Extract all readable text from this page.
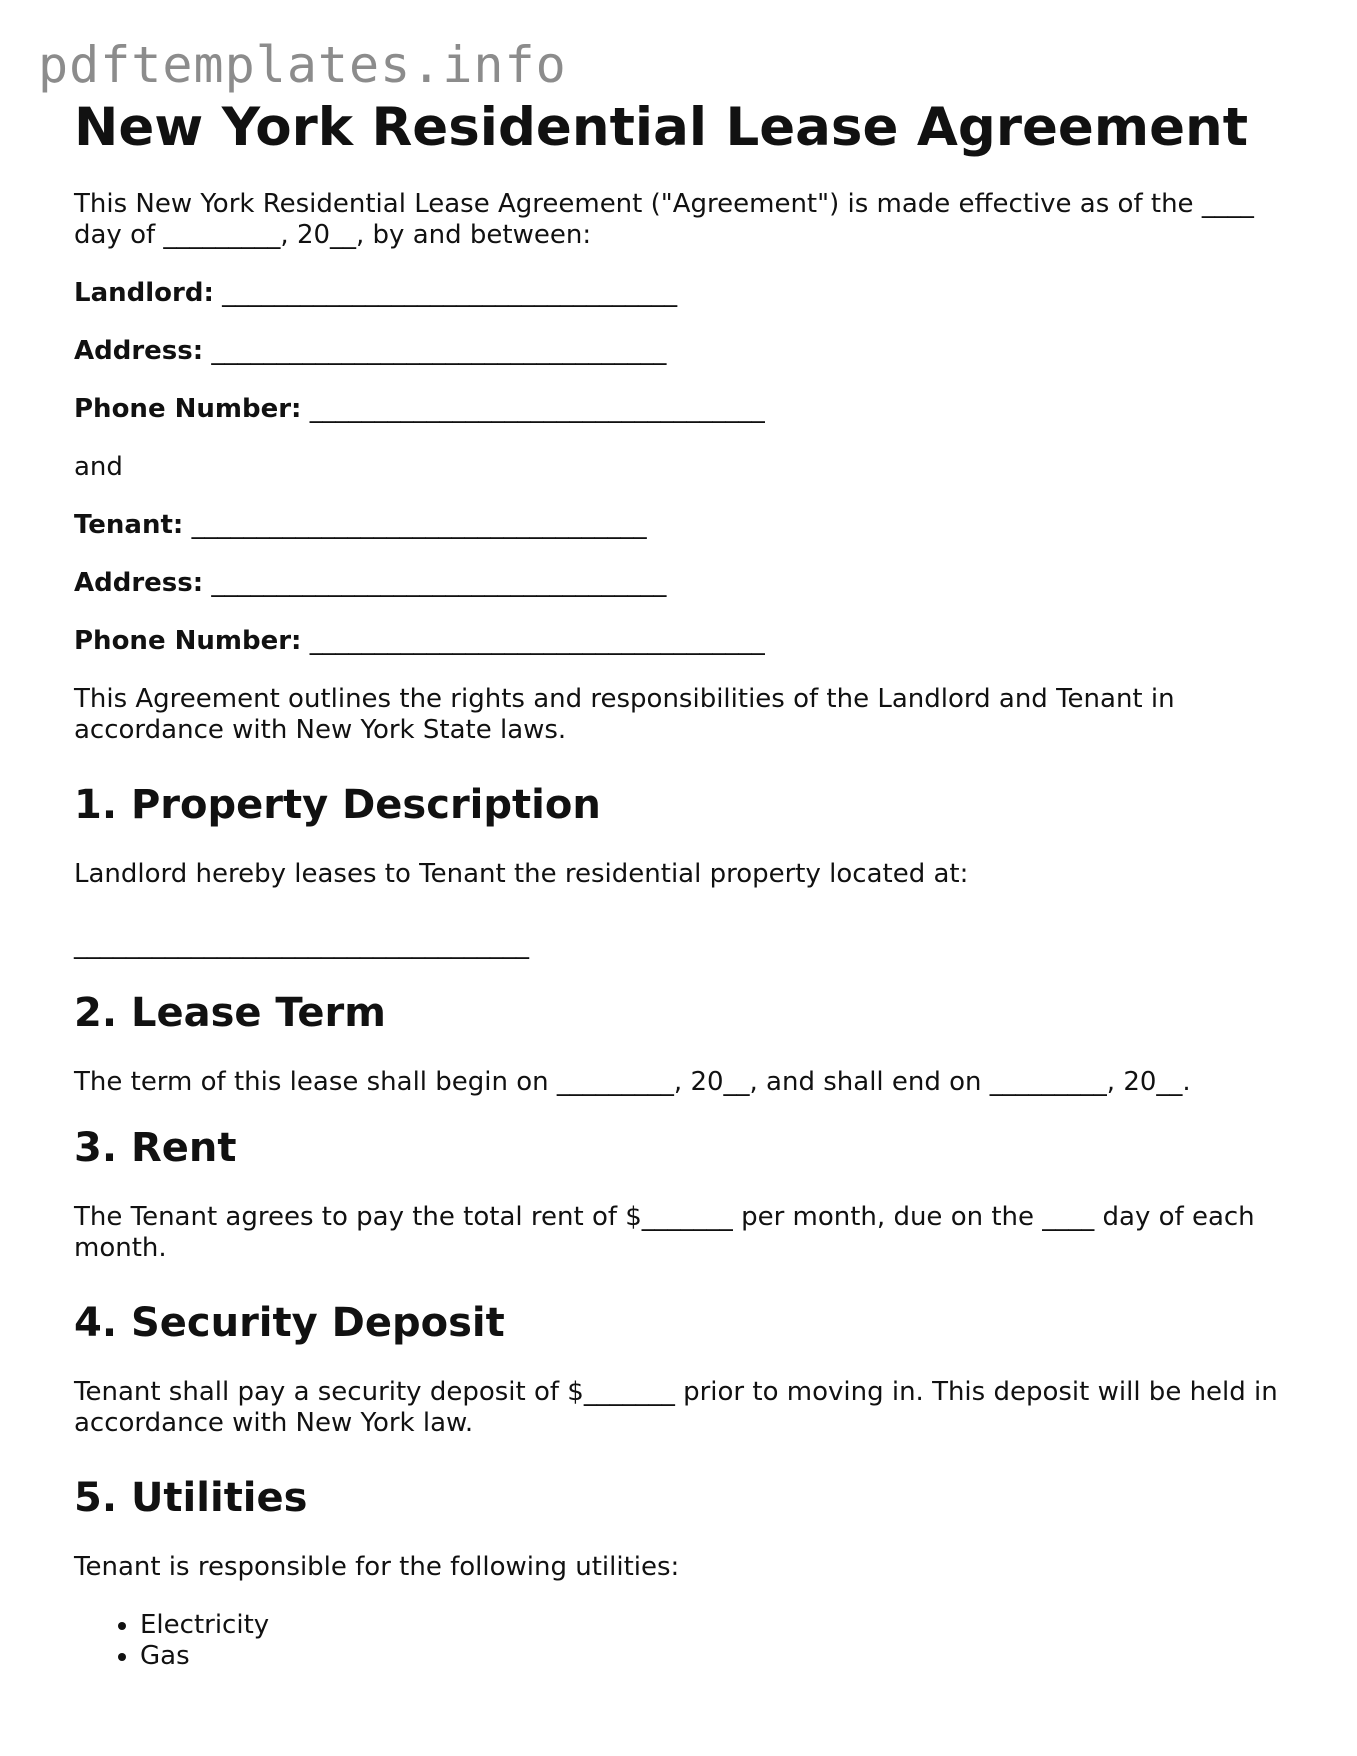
pdftemplates.info
New York Residential Lease Agreement

This New York Residential Lease Agreement ("Agreement") is made effective as of the ____ day of _________, 20__, by and between:

Landlord: ___________________________________
Address: ___________________________________
Phone Number: ___________________________________

and

Tenant: ___________________________________
Address: ___________________________________
Phone Number: ___________________________________

This Agreement outlines the rights and responsibilities of the Landlord and Tenant in accordance with New York State laws.

1. Property Description

Landlord hereby leases to Tenant the residential property located at:

___________________________________
2. Lease Term

The term of this lease shall begin on _________, 20__, and shall end on _________, 20__.

3. Rent

The Tenant agrees to pay the total rent of $_______ per month, due on the ____ day of each month.

4. Security Deposit

Tenant shall pay a security deposit of $_______ prior to moving in. This deposit will be held in accordance with New York law.

5. Utilities

Tenant is responsible for the following utilities:

• Electricity
• Gas
